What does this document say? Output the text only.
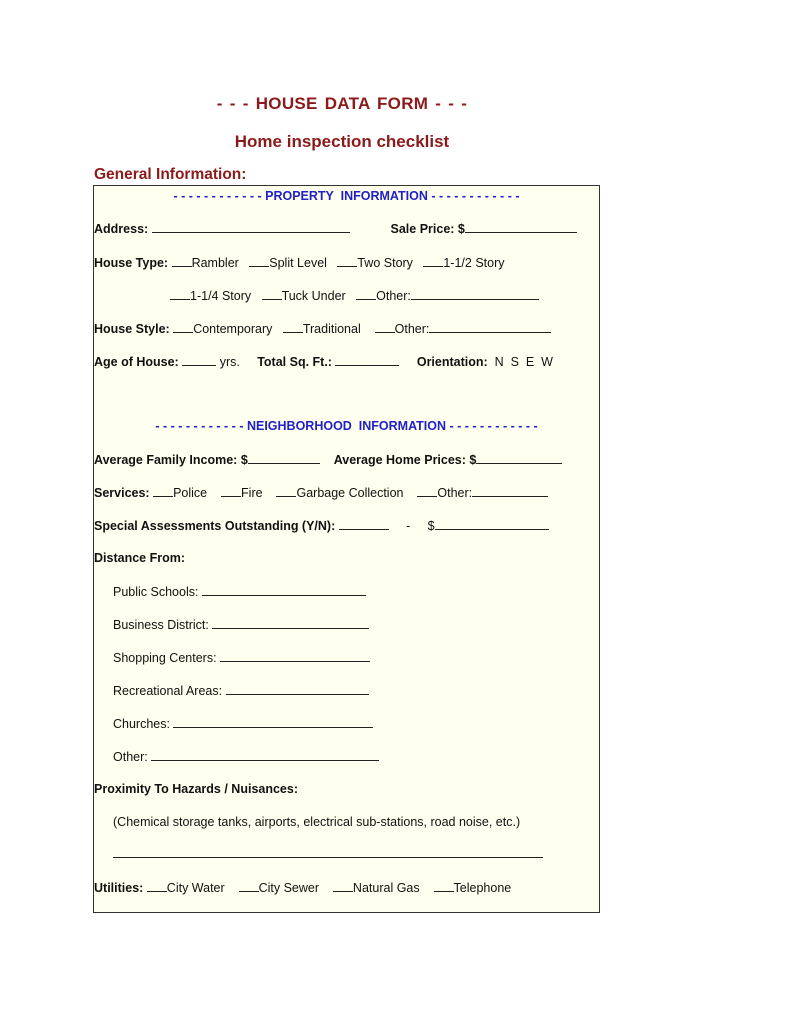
- - - HOUSE DATA FORM - - -
Home inspection checklist
General Information:
- - - - - - - - - - - - PROPERTY  INFORMATION - - - - - - - - - - - -
Address:	Sale Price: $
House Type: Rambler Split Level Two Story 1-1/2 Story
1-1/4 Story Tuck Under Other:
House Style: Contemporary Traditional	Other:
Age of House:	yrs. Total Sq. Ft.:	Orientation: N  S  E  W
- - - - - - - - - - - - NEIGHBORHOOD  INFORMATION - - - - - - - - - - - -
Average Family Income: $	Average Home Prices: $
Services: Police	Fire	Garbage Collection	Other:
Special Assessments Outstanding (Y/N):	- $
Distance From:
Public Schools:
Business District:
Shopping Centers:
Recreational Areas:
Churches:
Other:
Proximity To Hazards / Nuisances:
(Chemical storage tanks, airports, electrical sub-stations, road noise, etc.)
Utilities: City Water	City Sewer	Natural Gas	Telephone
